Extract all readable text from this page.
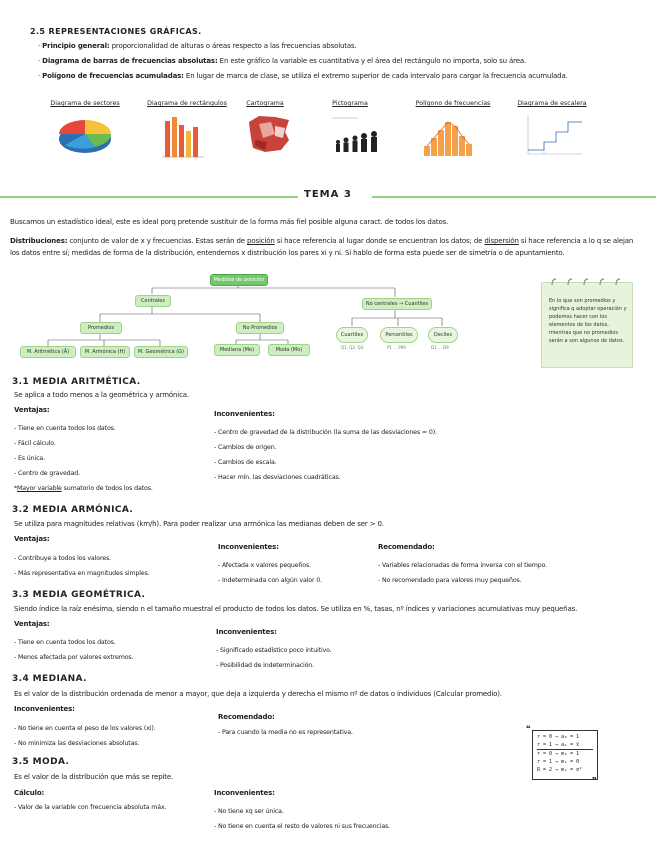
2.5 REPRESENTACIONES GRÁFICAS.
· Principio general: proporcionalidad de alturas o áreas respecto a las frecuencias absolutas.
· Diagrama de barras de frecuencias absolutas: En este gráfico la variable es cuantitativa y el área del rectángulo no importa, solo su área.
· Polígono de frecuencias acumuladas: En lugar de marca de clase, se utiliza el extremo superior de cada intervalo para cargar la frecuencia acumulada.
Diagrama de sectores	Diagrama de rectángulos	Cartograma	Pictograma	Polígono de frecuencias	Diagrama de escalera
TEMA 3
Buscamos un estadístico ideal, este es ideal porq pretende sustituir de la forma más fiel posible alguna caract. de todos los datos.
Distribuciones: conjunto de valor de x y frecuencias. Estas serán de posición si hace referencia al lugar donde se encuentran los datos; de dispersión si hace referencia a lo q se alejan los datos entre sí; medidas de forma de la distribución, entendemos x distribución los pares xi y ni. Si hablo de forma esta puede ser de simetría o de apuntamiento.
Medidas de posición
Centrales	No centrales → Cuantiles
Promedios	No Promedios
M. Aritmética (Ā)	M. Armónica (H)	M. Geométrica (G)	Mediana (Me)	Moda (Mo)
Cuartiles
Q1, Q2, Q3
Percentiles
P1 ... P99
Deciles
D1 ... D9
En lo que son promedios y significa q adoptar operación y podemos hacer con los elementos de los datos, mientras que no promedios serán a son algunos de datos.
3.1 MEDIA ARITMÉTICA.
Se aplica a todo menos a la geométrica y armónica.
Ventajas:
- Tiene en cuenta todos los datos.
- Fácil cálculo.
- Es única.
- Centro de gravedad.
*Mayor variable sumatorio de todos los datos.
Inconvenientes:
- Centro de gravedad de la distribución (la suma de las desviaciones = 0).
- Cambios de origen.
- Cambios de escala.
- Hacer mín. las desviaciones cuadráticas.
3.2 MEDIA ARMÓNICA.
Se utiliza para magnitudes relativas (km/h). Para poder realizar una armónica las medianas deben de ser > 0.
Ventajas:
- Contribuye a todos los valores.
- Más representativa en magnitudes simples.
Inconvenientes:
- Afectada x valores pequeños.
- Indeterminada con algún valor 0.
Recomendado:
- Variables relacionadas de forma inversa con el tiempo.
- No recomendado para valores muy pequeños.
3.3 MEDIA GEOMÉTRICA.
Siendo índice la raíz enésima, siendo n el tamaño muestral el producto de todos los datos. Se utiliza en %, tasas, nº índices y variaciones acumulativas muy pequeñas.
Ventajas:
- Tiene en cuenta todos los datos.
- Menos afectada por valores extremos.
Inconvenientes:
- Significado estadístico poco intuitivo.
- Posibilidad de indeterminación.
3.4 MEDIANA.
Es el valor de la distribución ordenada de menor a mayor, que deja a izquierda y derecha el mismo nº de datos o individuos (Calcular promedio).
Inconvenientes:
- No tiene en cuenta el peso de los valores (xi).
- No minimiza las desviaciones absolutas.
Recomendado:
- Para cuando la media no es representativa.
r = 0 → a₀ = 1
r = 1 → a₁ = x̄
r = 0 → m₀ = 1
r = 1 → m₁ = 0
R = 2 → m₂ = σ²
❝
❞
3.5 MODA.
Es el valor de la distribución que más se repite.
Cálculo:
- Valor de la variable con frecuencia absoluta máx.
Inconvenientes:
- No tiene xq ser única.
- No tiene en cuenta el resto de valores ni sus frecuencias.
